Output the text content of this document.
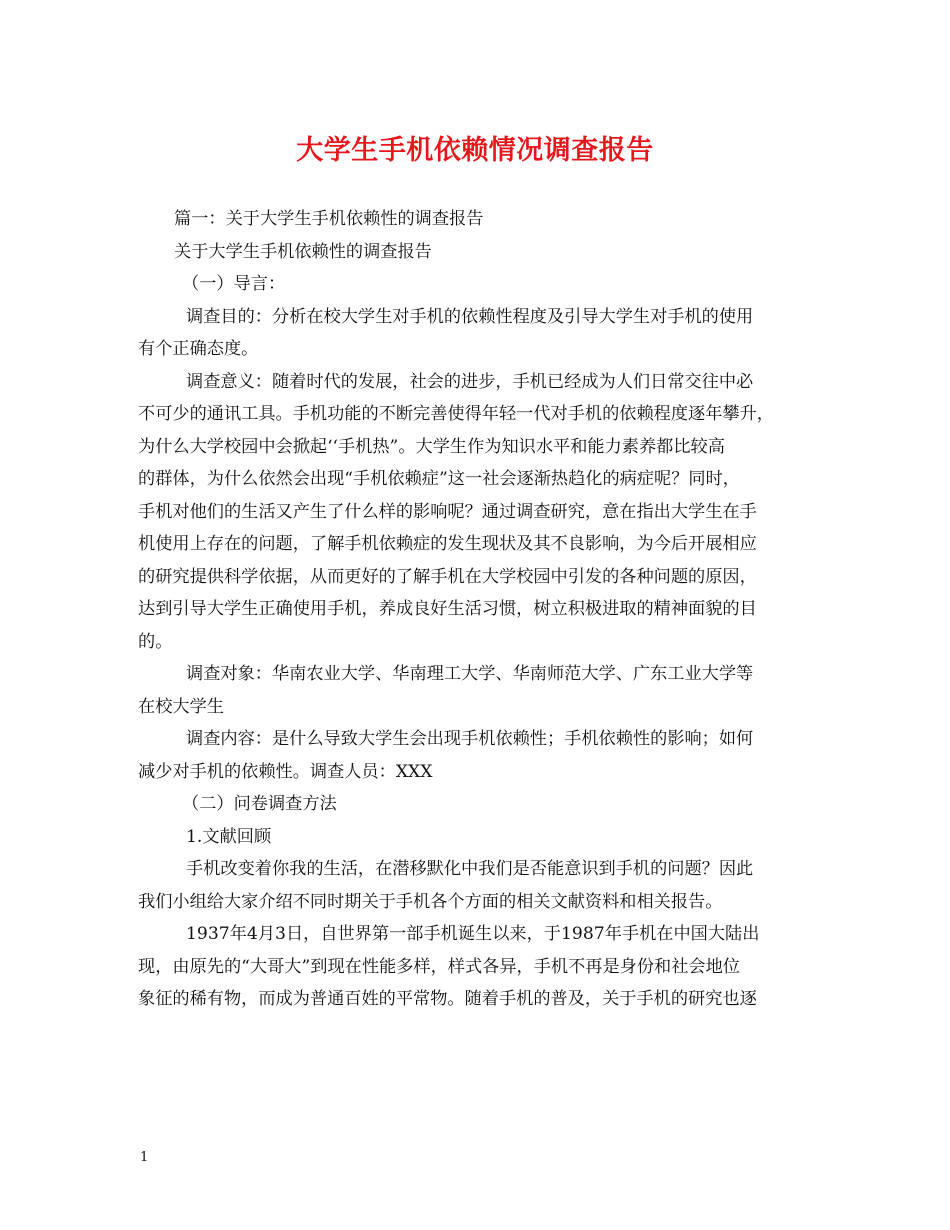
大学生手机依赖情况调查报告
篇一：关于大学生手机依赖性的调查报告
关于大学生手机依赖性的调查报告
（一）导言：
调查目的：分析在校大学生对手机的依赖性程度及引导大学生对手机的使用
有个正确态度。
调查意义：随着时代的发展，社会的进步，手机已经成为人们日常交往中必
不可少的通讯工具。手机功能的不断完善使得年轻一代对手机的依赖程度逐年攀升，
为什么大学校园中会掀起‘‘手机热”。大学生作为知识水平和能力素养都比较高
的群体，为什么依然会出现“手机依赖症”这一社会逐渐热趋化的病症呢？同时，
手机对他们的生活又产生了什么样的影响呢？通过调查研究，意在指出大学生在手
机使用上存在的问题，了解手机依赖症的发生现状及其不良影响，为今后开展相应
的研究提供科学依据，从而更好的了解手机在大学校园中引发的各种问题的原因，
达到引导大学生正确使用手机，养成良好生活习惯，树立积极进取的精神面貌的目
的。
调查对象：华南农业大学、华南理工大学、华南师范大学、广东工业大学等
在校大学生
调查内容：是什么导致大学生会出现手机依赖性；手机依赖性的影响；如何
减少对手机的依赖性。调查人员：XXX
（二）问卷调查方法
1.文献回顾
手机改变着你我的生活，在潜移默化中我们是否能意识到手机的问题？因此
我们小组给大家介绍不同时期关于手机各个方面的相关文献资料和相关报告。
1937年4月3日，自世界第一部手机诞生以来，于1987年手机在中国大陆出
现，由原先的“大哥大”到现在性能多样，样式各异，手机不再是身份和社会地位
象征的稀有物，而成为普通百姓的平常物。随着手机的普及，关于手机的研究也逐
1
